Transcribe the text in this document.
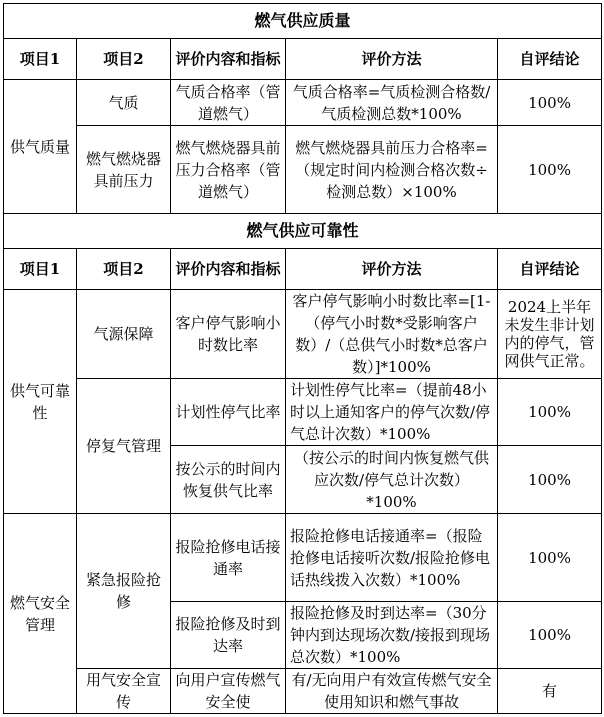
燃气供应质量				
项目1	项目2	评价内容和指标	评价方法	自评结论
供气质量	气质	气质合格率（管道燃气）	气质合格率=气质检测合格数/气质检测总数*100%	100%
	燃气燃烧器具前压力	燃气燃烧器具前压力合格率（管道燃气）	燃气燃烧器具前压力合格率=（规定时间内检测合格次数÷检测总数）×100%	100%
燃气供应可靠性				
项目1	项目2	评价内容和指标	评价方法	自评结论
供气可靠性	气源保障	客户停气影响小时数比率	客户停气影响小时数比率=[1-（停气小时数*受影响客户数）/（总供气小时数*总客户数）]*100%	2024上半年未发生非计划内的停气，管网供气正常。
	停复气管理	计划性停气比率	计划性停气比率=（提前48小时以上通知客户的停气次数/停气总计次数）*100%	100%
		按公示的时间内恢复供气比率	（按公示的时间内恢复燃气供应次数/停气总计次数）*100%	100%
燃气安全管理	紧急报险抢修	报险抢修电话接通率	报险抢修电话接通率=（报险抢修电话接听次数/报险抢修电话热线拨入次数）*100%	100%
		报险抢修及时到达率	报险抢修及时到达率=（30分钟内到达现场次数/接报到现场总次数）*100%	100%
	用气安全宣传	向用户宣传燃气安全使	有/无向用户有效宣传燃气安全使用知识和燃气事故	有
